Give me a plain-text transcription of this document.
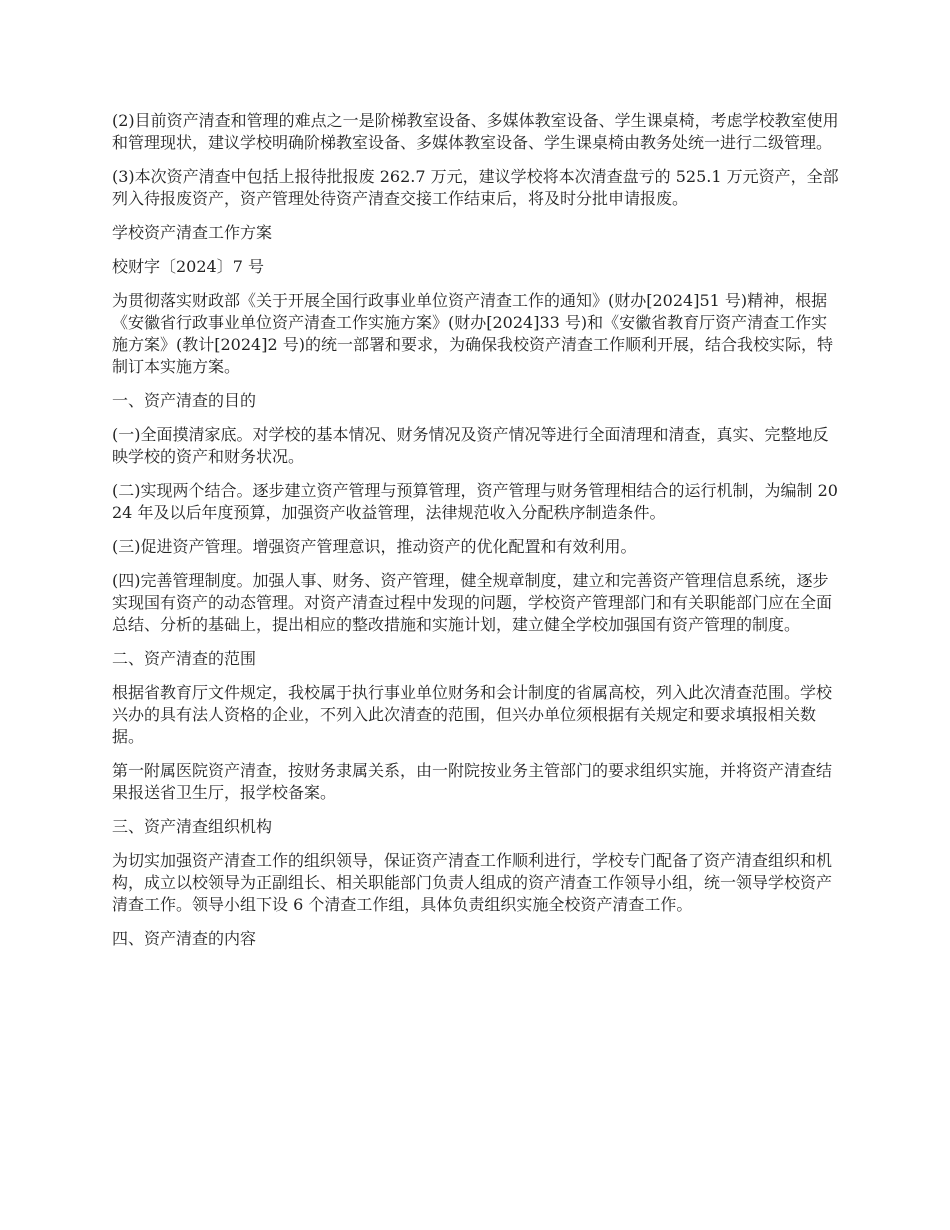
(2)目前资产清查和管理的难点之一是阶梯教室设备、多媒体教室设备、学生课桌椅，考虑学校教室使用和管理现状，建议学校明确阶梯教室设备、多媒体教室设备、学生课桌椅由教务处统一进行二级管理。

(3)本次资产清查中包括上报待批报废 262.7 万元，建议学校将本次清查盘亏的 525.1 万元资产，全部列入待报废资产，资产管理处待资产清查交接工作结束后，将及时分批申请报废。

学校资产清查工作方案

校财字〔2024〕7 号

为贯彻落实财政部《关于开展全国行政事业单位资产清查工作的通知》(财办[2024]51 号)精神，根据《安徽省行政事业单位资产清查工作实施方案》(财办[2024]33 号)和《安徽省教育厅资产清查工作实施方案》(教计[2024]2 号)的统一部署和要求，为确保我校资产清查工作顺利开展，结合我校实际，特制订本实施方案。

一、资产清查的目的

(一)全面摸清家底。对学校的基本情况、财务情况及资产情况等进行全面清理和清查，真实、完整地反映学校的资产和财务状况。

(二)实现两个结合。逐步建立资产管理与预算管理，资产管理与财务管理相结合的运行机制，为编制 2024 年及以后年度预算，加强资产收益管理，法律规范收入分配秩序制造条件。

(三)促进资产管理。增强资产管理意识，推动资产的优化配置和有效利用。

(四)完善管理制度。加强人事、财务、资产管理，健全规章制度，建立和完善资产管理信息系统，逐步实现国有资产的动态管理。对资产清查过程中发现的问题，学校资产管理部门和有关职能部门应在全面总结、分析的基础上，提出相应的整改措施和实施计划，建立健全学校加强国有资产管理的制度。

二、资产清查的范围

根据省教育厅文件规定，我校属于执行事业单位财务和会计制度的省属高校，列入此次清查范围。学校兴办的具有法人资格的企业，不列入此次清查的范围，但兴办单位须根据有关规定和要求填报相关数据。

第一附属医院资产清查，按财务隶属关系，由一附院按业务主管部门的要求组织实施，并将资产清查结果报送省卫生厅，报学校备案。

三、资产清查组织机构

为切实加强资产清查工作的组织领导，保证资产清查工作顺利进行，学校专门配备了资产清查组织和机构，成立以校领导为正副组长、相关职能部门负责人组成的资产清查工作领导小组，统一领导学校资产清查工作。领导小组下设 6 个清查工作组，具体负责组织实施全校资产清查工作。

四、资产清查的内容
